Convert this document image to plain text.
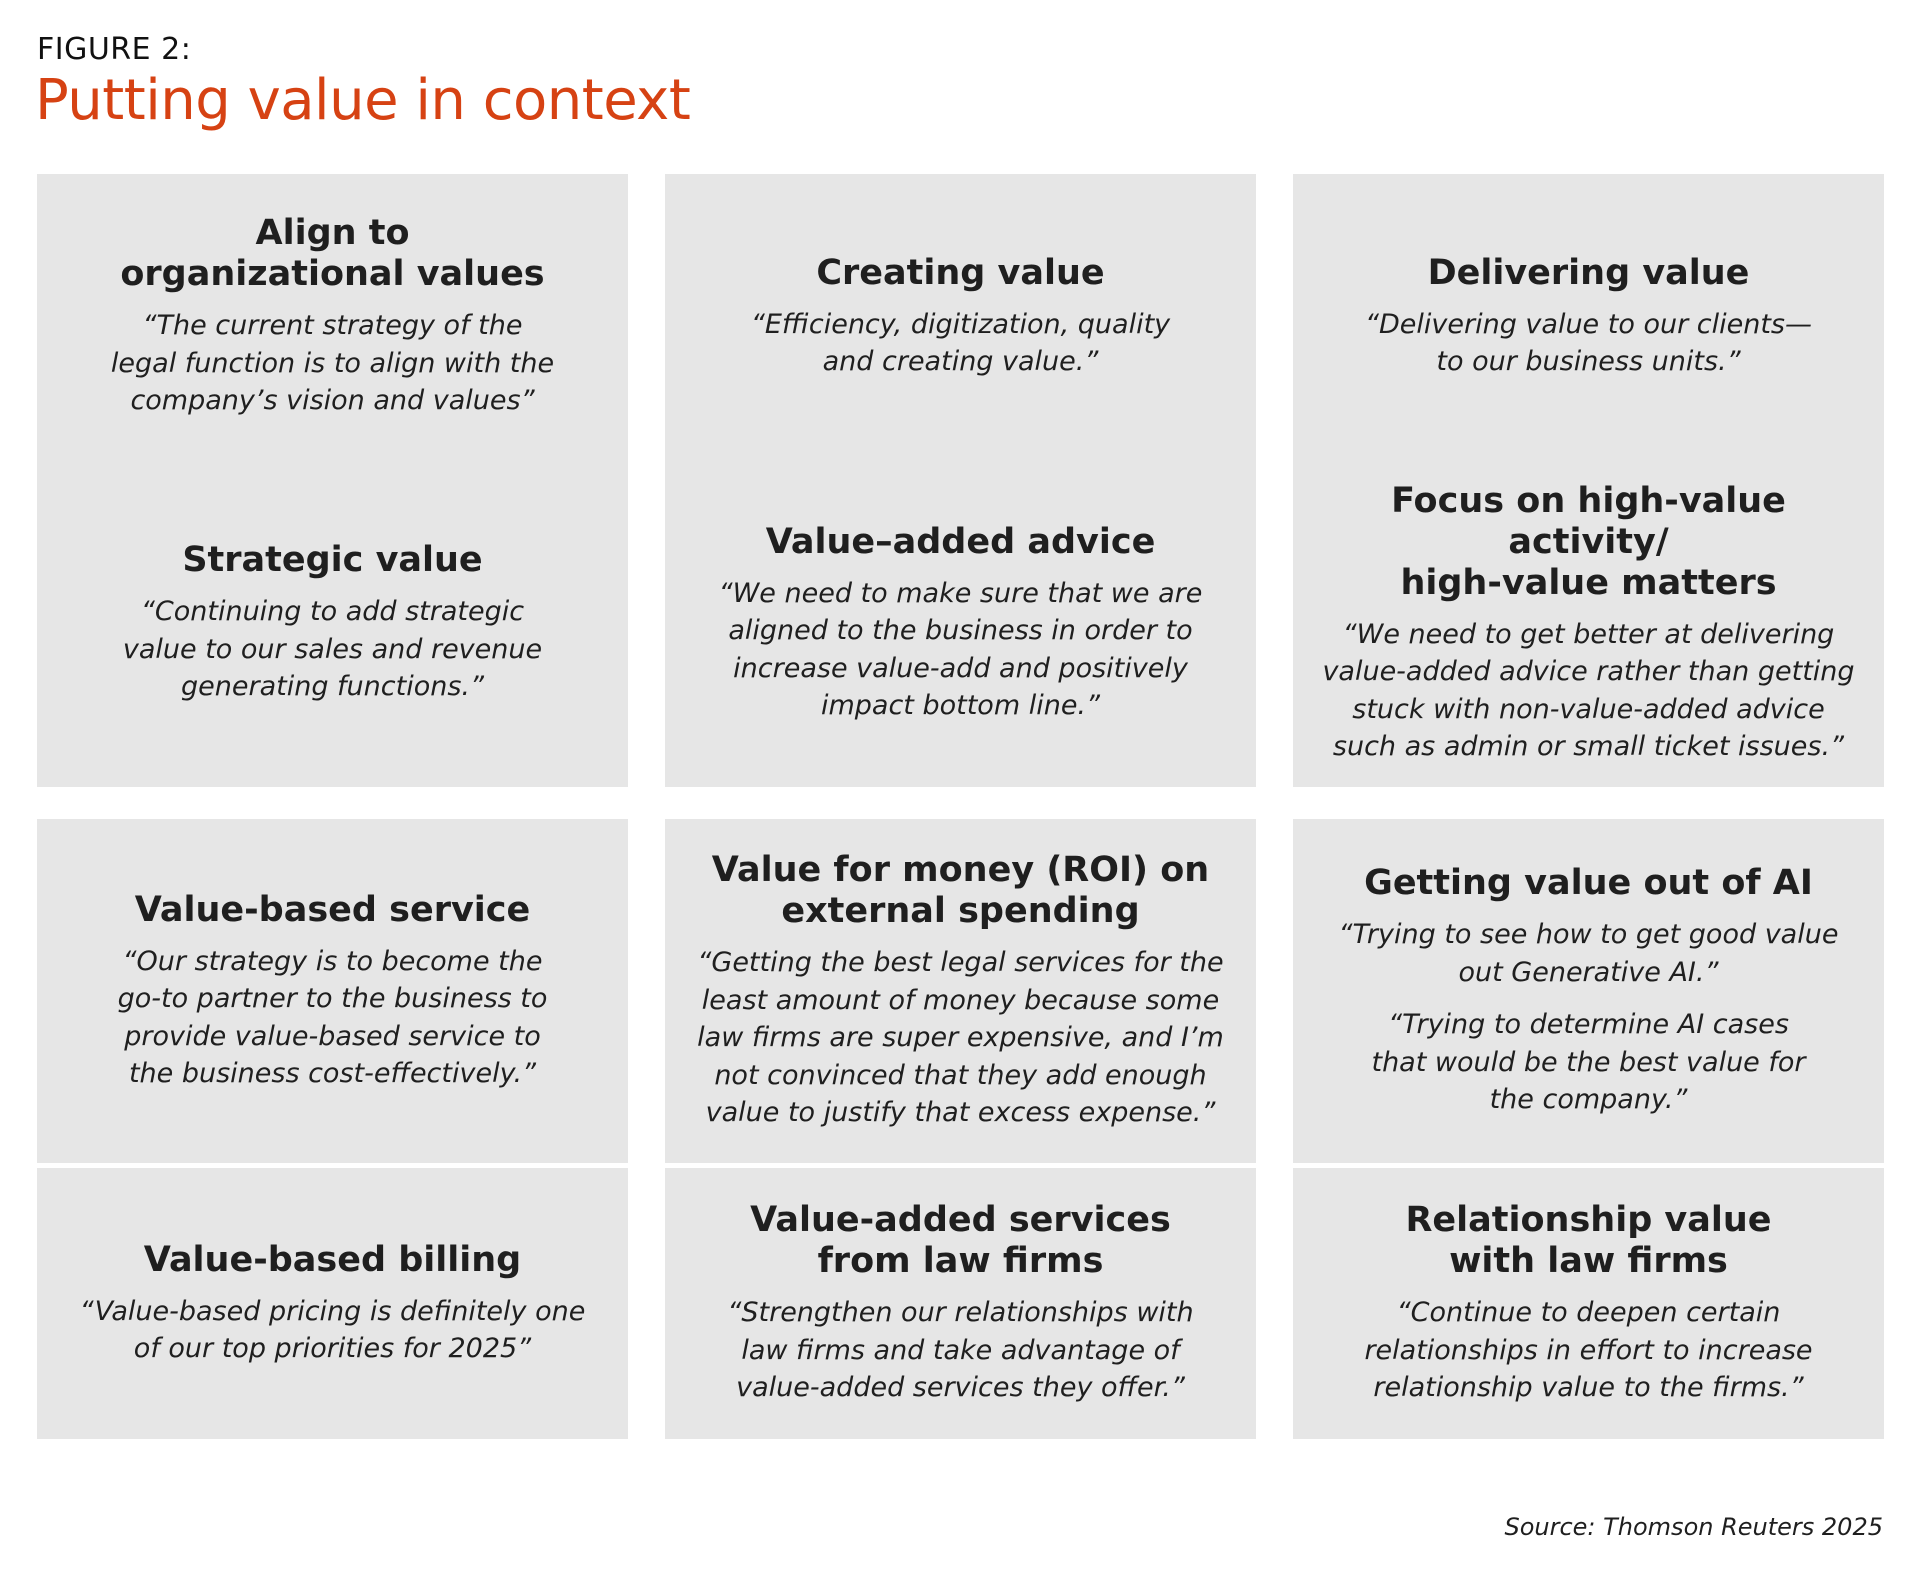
FIGURE 2:
Putting value in context
Align to
organizational values
“The current strategy of the
legal function is to align with the
company’s vision and values”
Creating value
“Efficiency, digitization, quality
and creating value.”
Delivering value
“Delivering value to our clients—
to our business units.”
Strategic value
“Continuing to add strategic
value to our sales and revenue
generating functions.”
Value–added advice
“We need to make sure that we are
aligned to the business in order to
increase value-add and positively
impact bottom line.”
Focus on high-value activity/
high-value matters
“We need to get better at delivering
value-added advice rather than getting
stuck with non-value-added advice
such as admin or small ticket issues.”
Value-based service
“Our strategy is to become the
go-to partner to the business to
provide value-based service to
the business cost-effectively.”
Value for money (ROI) on
external spending
“Getting the best legal services for the
least amount of money because some
law firms are super expensive, and I’m
not convinced that they add enough
value to justify that excess expense.”
Getting value out of AI
“Trying to see how to get good value
out Generative AI.”
“Trying to determine AI cases
that would be the best value for
the company.”
Value-based billing
“Value-based pricing is definitely one
of our top priorities for 2025”
Value-added services
from law firms
“Strengthen our relationships with
law firms and take advantage of
value-added services they offer.”
Relationship value
with law firms
“Continue to deepen certain
relationships in effort to increase
relationship value to the firms.”
Source: Thomson Reuters 2025
